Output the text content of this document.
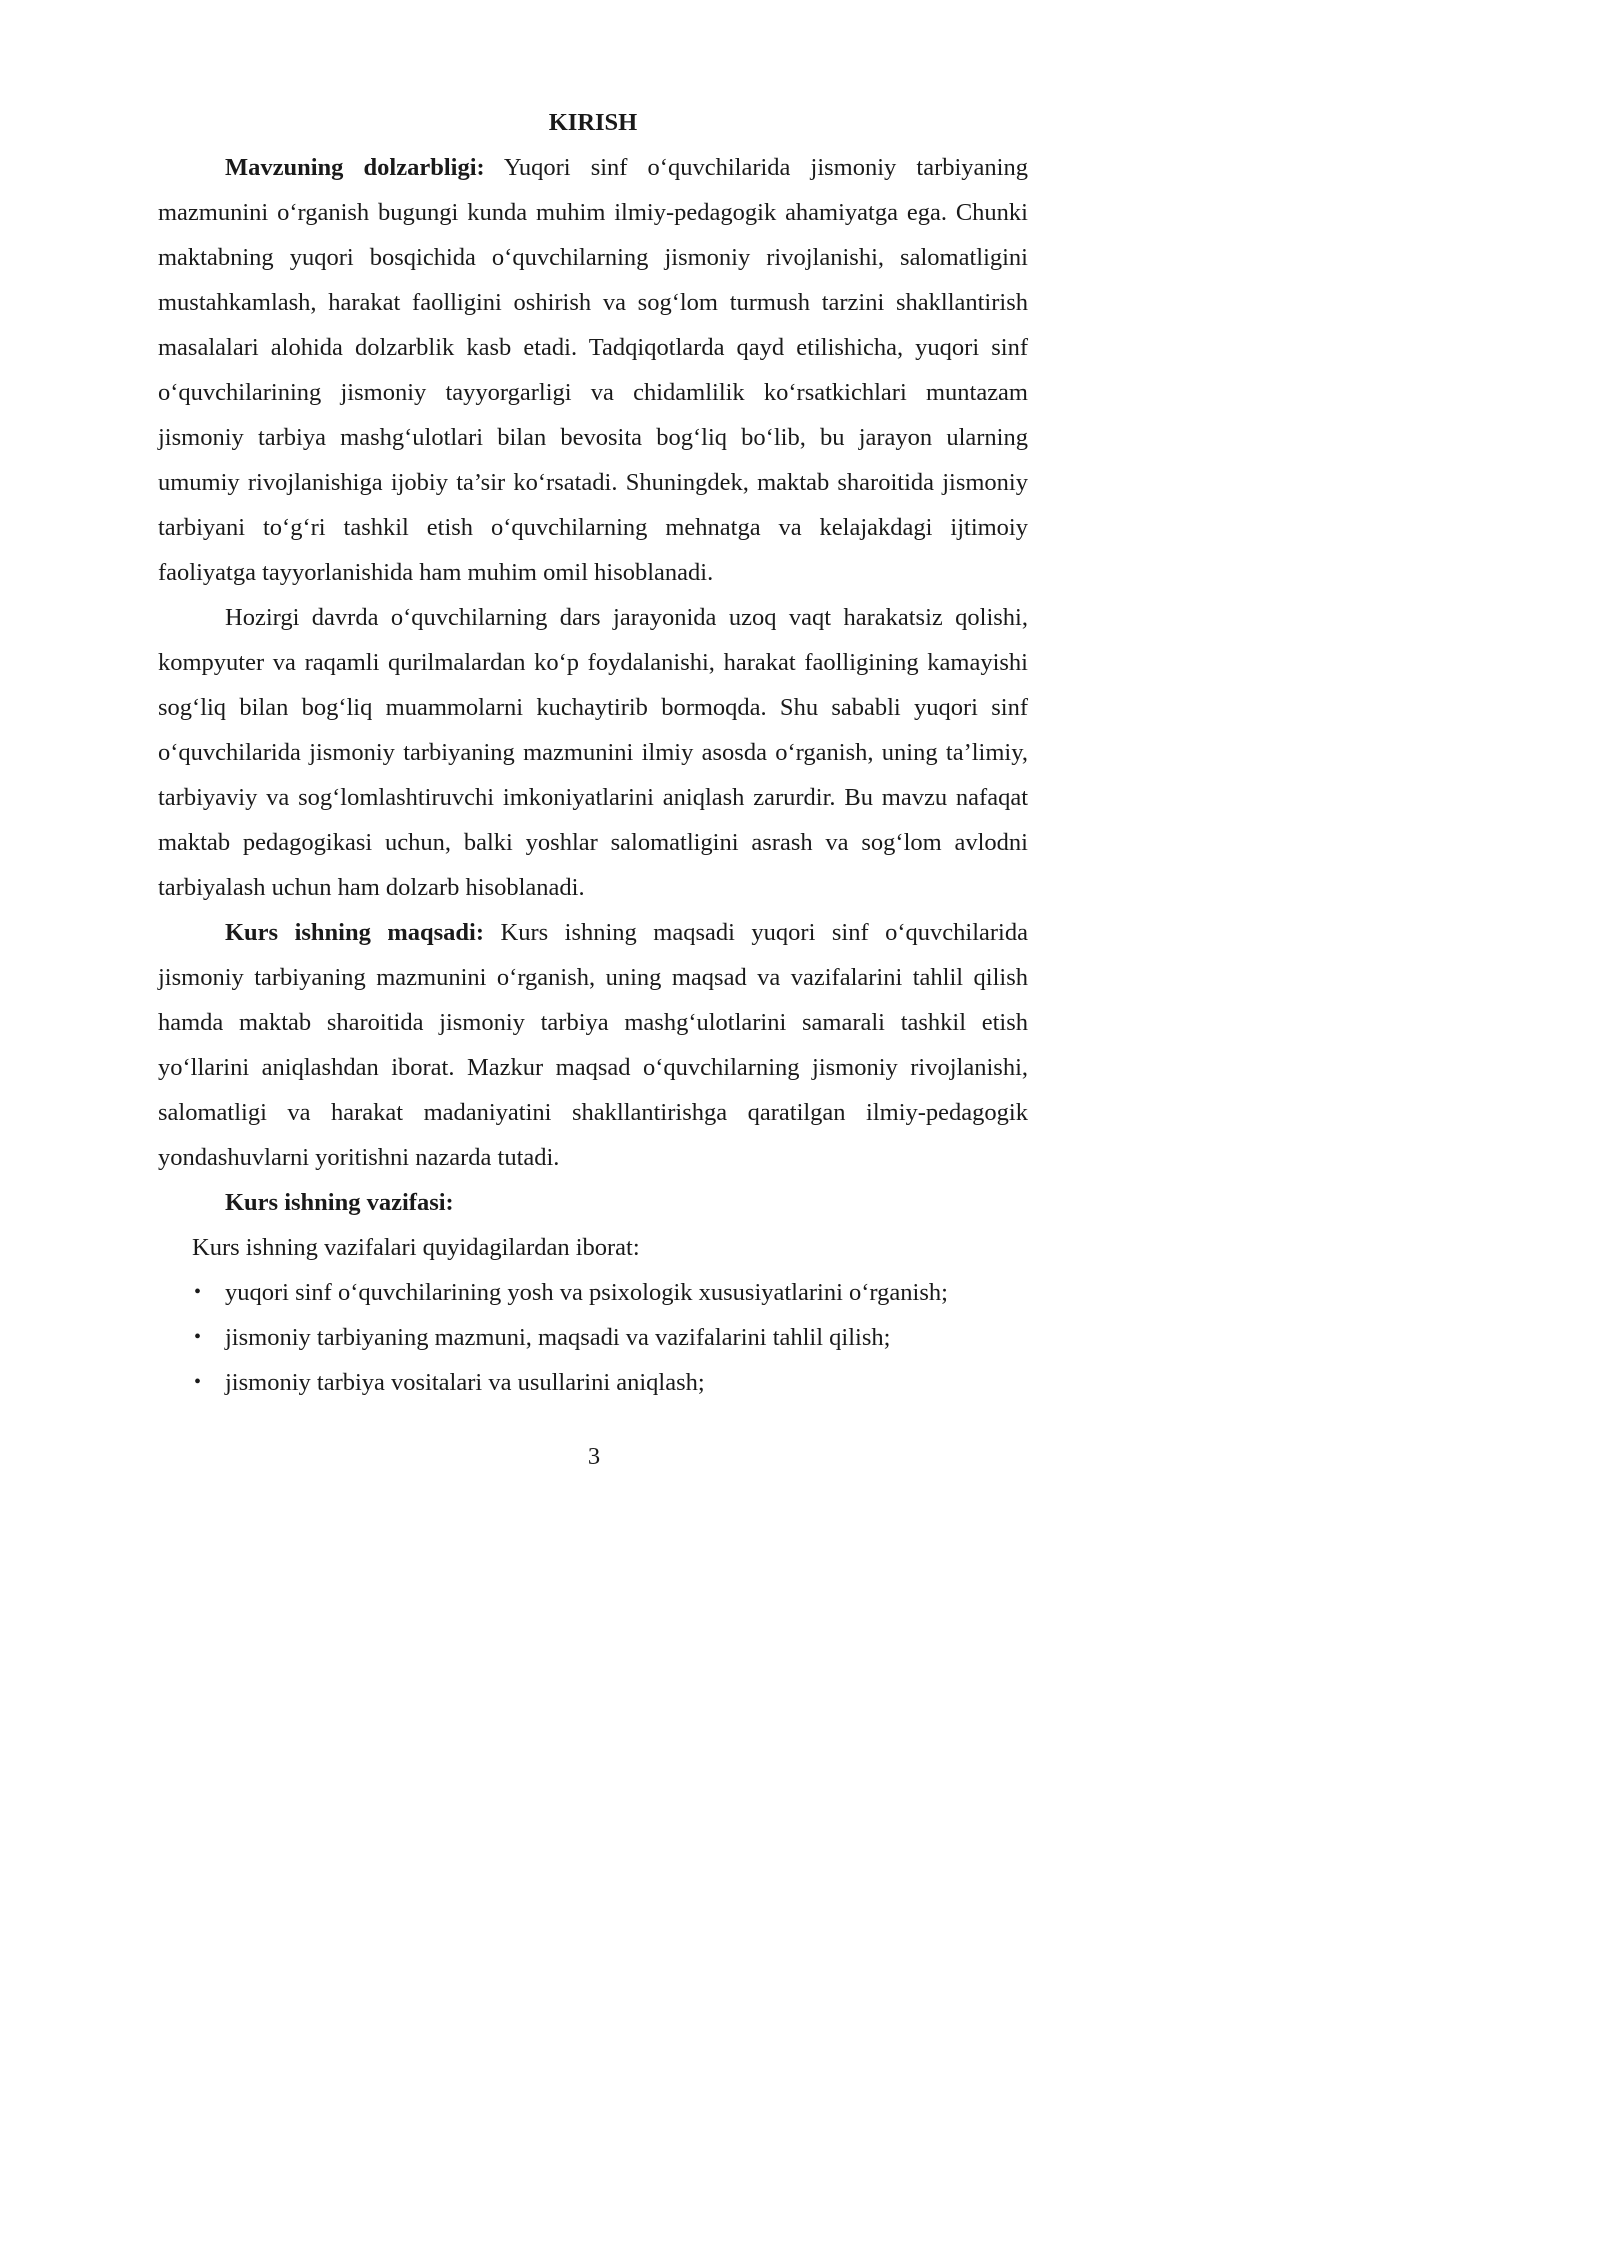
KIRISH

Mavzuning dolzarbligi: Yuqori sinf o‘quvchilarida jismoniy tarbiyaning mazmunini o‘rganish bugungi kunda muhim ilmiy-pedagogik ahamiyatga ega. Chunki maktabning yuqori bosqichida o‘quvchilarning jismoniy rivojlanishi, salomatligini mustahkamlash, harakat faolligini oshirish va sog‘lom turmush tarzini shakllantirish masalalari alohida dolzarblik kasb etadi. Tadqiqotlarda qayd etilishicha, yuqori sinf o‘quvchilarining jismoniy tayyorgarligi va chidamlilik ko‘rsatkichlari muntazam jismoniy tarbiya mashg‘ulotlari bilan bevosita bog‘liq bo‘lib, bu jarayon ularning umumiy rivojlanishiga ijobiy ta’sir ko‘rsatadi. Shuningdek, maktab sharoitida jismoniy tarbiyani to‘g‘ri tashkil etish o‘quvchilarning mehnatga va kelajakdagi ijtimoiy faoliyatga tayyorlanishida ham muhim omil hisoblanadi.

Hozirgi davrda o‘quvchilarning dars jarayonida uzoq vaqt harakatsiz qolishi, kompyuter va raqamli qurilmalardan ko‘p foydalanishi, harakat faolligining kamayishi sog‘liq bilan bog‘liq muammolarni kuchaytirib bormoqda. Shu sababli yuqori sinf o‘quvchilarida jismoniy tarbiyaning mazmunini ilmiy asosda o‘rganish, uning ta’limiy, tarbiyaviy va sog‘lomlashtiruvchi imkoniyatlarini aniqlash zarurdir. Bu mavzu nafaqat maktab pedagogikasi uchun, balki yoshlar salomatligini asrash va sog‘lom avlodni tarbiyalash uchun ham dolzarb hisoblanadi.

Kurs ishning maqsadi: Kurs ishning maqsadi yuqori sinf o‘quvchilarida jismoniy tarbiyaning mazmunini o‘rganish, uning maqsad va vazifalarini tahlil qilish hamda maktab sharoitida jismoniy tarbiya mashg‘ulotlarini samarali tashkil etish yo‘llarini aniqlashdan iborat. Mazkur maqsad o‘quvchilarning jismoniy rivojlanishi, salomatligi va harakat madaniyatini shakllantirishga qaratilgan ilmiy-pedagogik yondashuvlarni yoritishni nazarda tutadi.

Kurs ishning vazifasi:
Kurs ishning vazifalari quyidagilardan iborat:
• yuqori sinf o‘quvchilarining yosh va psixologik xususiyatlarini o‘rganish;
• jismoniy tarbiyaning mazmuni, maqsadi va vazifalarini tahlil qilish;
• jismoniy tarbiya vositalari va usullarini aniqlash;
3
